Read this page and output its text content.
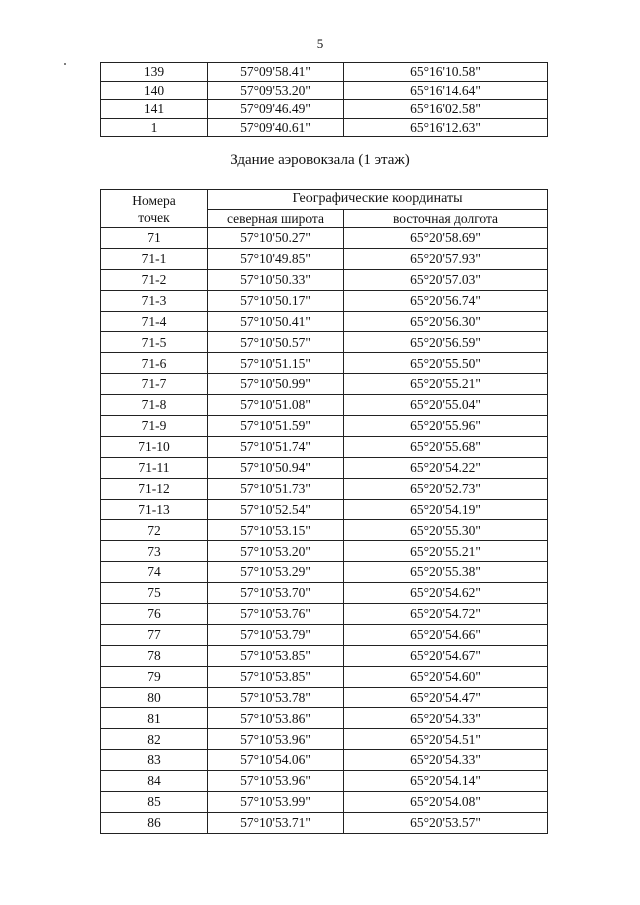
5
139	57°09'58.41"	65°16'10.58"
140	57°09'53.20"	65°16'14.64"
141	57°09'46.49"	65°16'02.58"
1	57°09'40.61"	65°16'12.63"
Здание аэровокзала (1 этаж)
Номера
точек	Географические координаты	
	северная широта	восточная долгота
71	57°10'50.27"	65°20'58.69"
71-1	57°10'49.85"	65°20'57.93"
71-2	57°10'50.33"	65°20'57.03"
71-3	57°10'50.17"	65°20'56.74"
71-4	57°10'50.41"	65°20'56.30"
71-5	57°10'50.57"	65°20'56.59"
71-6	57°10'51.15"	65°20'55.50"
71-7	57°10'50.99"	65°20'55.21"
71-8	57°10'51.08"	65°20'55.04"
71-9	57°10'51.59"	65°20'55.96"
71-10	57°10'51.74"	65°20'55.68"
71-11	57°10'50.94"	65°20'54.22"
71-12	57°10'51.73"	65°20'52.73"
71-13	57°10'52.54"	65°20'54.19"
72	57°10'53.15"	65°20'55.30"
73	57°10'53.20"	65°20'55.21"
74	57°10'53.29"	65°20'55.38"
75	57°10'53.70"	65°20'54.62"
76	57°10'53.76"	65°20'54.72"
77	57°10'53.79"	65°20'54.66"
78	57°10'53.85"	65°20'54.67"
79	57°10'53.85"	65°20'54.60"
80	57°10'53.78"	65°20'54.47"
81	57°10'53.86"	65°20'54.33"
82	57°10'53.96"	65°20'54.51"
83	57°10'54.06"	65°20'54.33"
84	57°10'53.96"	65°20'54.14"
85	57°10'53.99"	65°20'54.08"
86	57°10'53.71"	65°20'53.57"
